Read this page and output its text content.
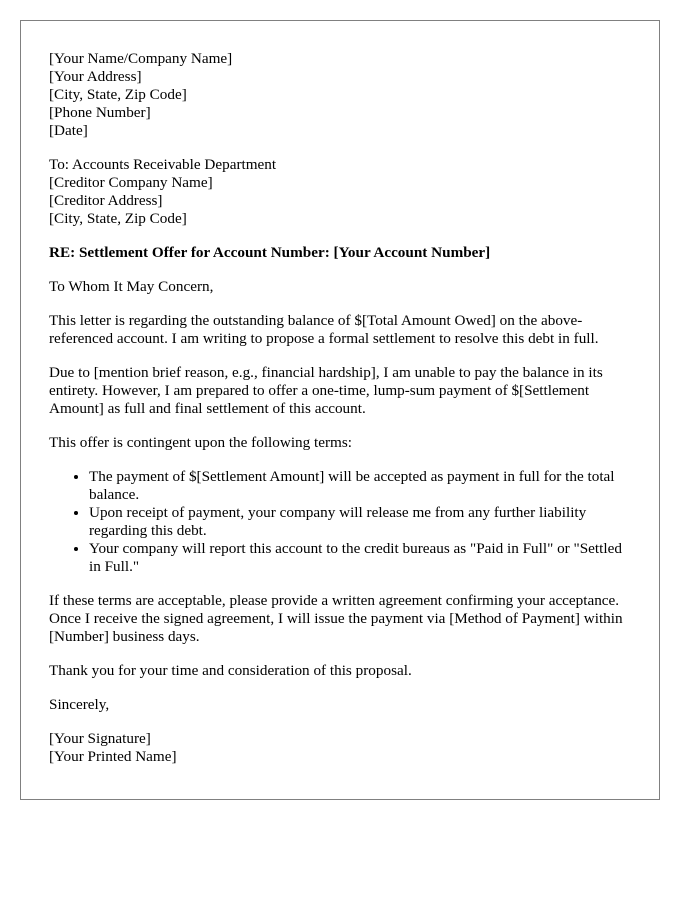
[Your Name/Company Name]
[Your Address]
[City, State, Zip Code]
[Phone Number]
[Date]
To: Accounts Receivable Department
[Creditor Company Name]
[Creditor Address]
[City, State, Zip Code]
RE: Settlement Offer for Account Number: [Your Account Number]

To Whom It May Concern,

This letter is regarding the outstanding balance of $[Total Amount Owed] on the above-referenced account. I am writing to propose a formal settlement to resolve this debt in full.

Due to [mention brief reason, e.g., financial hardship], I am unable to pay the balance in its entirety. However, I am prepared to offer a one-time, lump-sum payment of $[Settlement Amount] as full and final settlement of this account.

This offer is contingent upon the following terms:

• The payment of $[Settlement Amount] will be accepted as payment in full for the total balance.
• Upon receipt of payment, your company will release me from any further liability regarding this debt.
• Your company will report this account to the credit bureaus as "Paid in Full" or "Settled in Full."

If these terms are acceptable, please provide a written agreement confirming your acceptance. Once I receive the signed agreement, I will issue the payment via [Method of Payment] within [Number] business days.

Thank you for your time and consideration of this proposal.

Sincerely,

[Your Signature]
[Your Printed Name]
